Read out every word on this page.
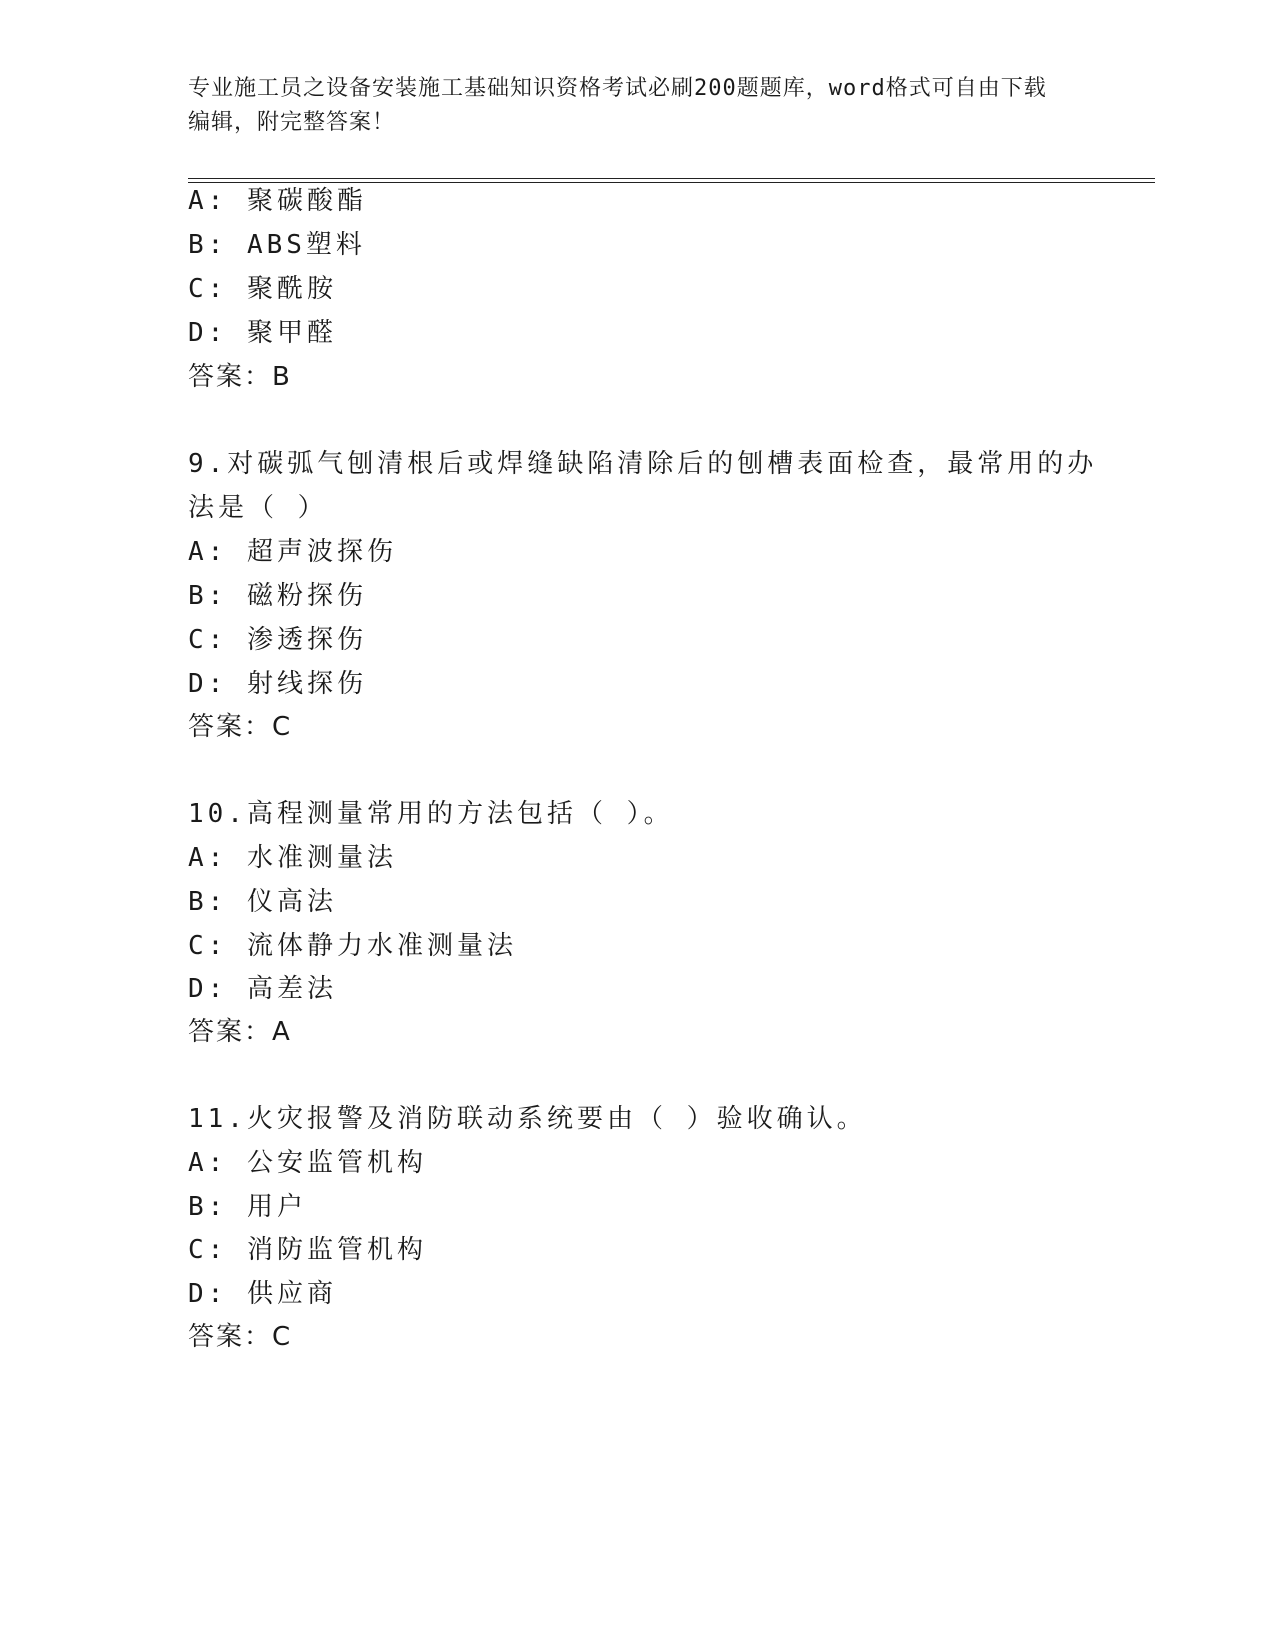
专业施工员之设备安装施工基础知识资格考试必刷200题题库，word格式可自由下载编辑，附完整答案！
A: 聚碳酸酯
B: ABS塑料
C: 聚酰胺
D: 聚甲醛
答案：B
9.对碳弧气刨清根后或焊缝缺陷清除后的刨槽表面检查，最常用的办
法是（ ）
A: 超声波探伤
B: 磁粉探伤
C: 渗透探伤
D: 射线探伤
答案：C
10.高程测量常用的方法包括（ ）。
A: 水准测量法
B: 仪高法
C: 流体静力水准测量法
D: 高差法
答案：A
11.火灾报警及消防联动系统要由（ ）验收确认。
A: 公安监管机构
B: 用户
C: 消防监管机构
D: 供应商
答案：C
